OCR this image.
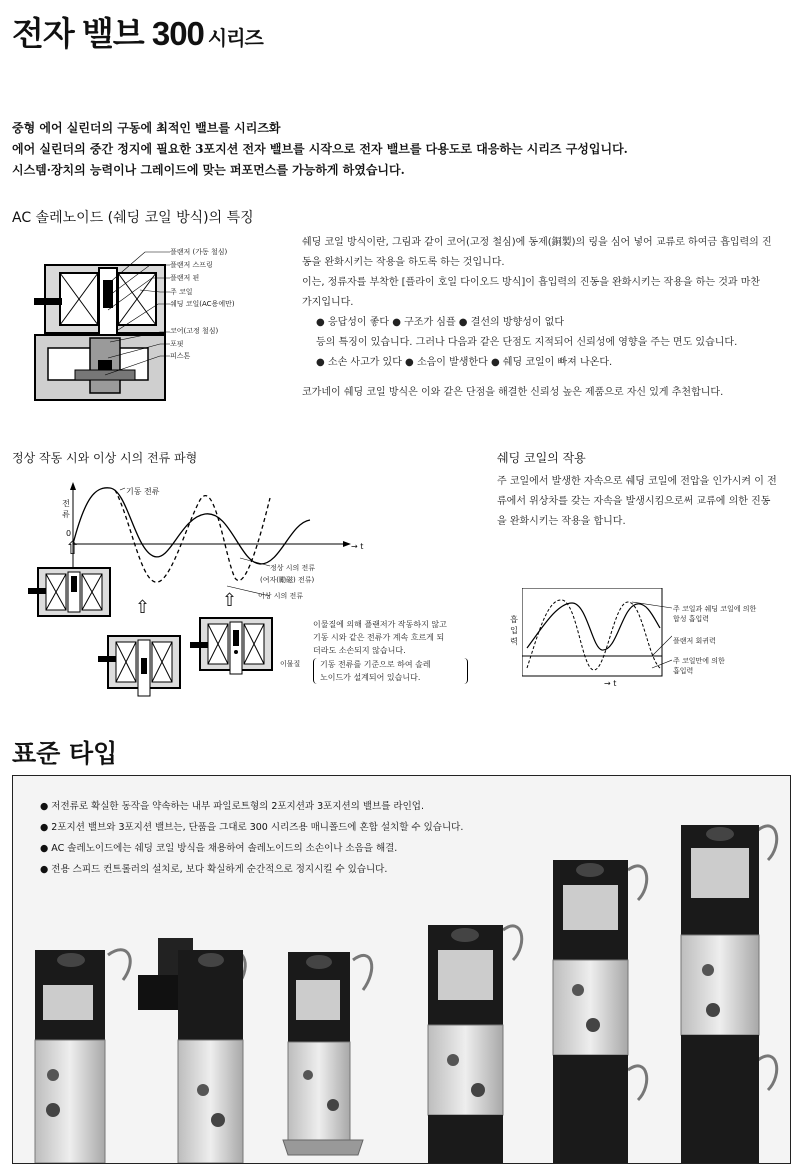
전자 밸브 300 시리즈
중형 에어 실린더의 구동에 최적인 밸브를 시리즈화
에어 실린더의 중간 정지에 필요한 3포지션 전자 밸브를 시작으로 전자 밸브를 다용도로 대응하는 시리즈 구성입니다.
시스템·장치의 능력이나 그레이드에 맞는 퍼포먼스를 가능하게 하였습니다.
AC 솔레노이드 (쉐딩 코일 방식)의 특징
플랜저 (가동 철심)
플랜저 스프링
플랜저 핀
주 코일
쉐딩 코일(AC용에만)
코어(고정 철심)
포핏
피스톤
쉐딩 코일 방식이란, 그림과 같이 코어(고정 철심)에 동제(銅製)의 링을 심어 넣어 교류로 하여금 흡입력의 진
동을 완화시키는 작용을 하도록 하는 것입니다.
이는, 정류자를 부착한 [플라이 호일 다이오드 방식]이 흡입력의 진동을 완화시키는 작용을 하는 것과 마찬
가지입니다.
● 응답성이 좋다 ● 구조가 심플 ● 결선의 방향성이 없다
등의 특징이 있습니다. 그러나 다음과 같은 단점도 지적되어 신뢰성에 영향을 주는 면도 있습니다.
● 소손 사고가 있다 ● 소음이 발생한다 ● 쉐딩 코일이 빠져 나온다.
코가네이 쉐딩 코일 방식은 이와 같은 단점을 해결한 신뢰성 높은 제품으로 자신 있게 추천합니다.
정상 작동 시와 이상 시의 전류 파형
전류
0
→ t
기동 전류
정상 시의 전류
(여자(勵磁) 전류)
이상 시의 전류
⇧	⇧
⇧
이물질
이물질에 의해 플랜저가 작동하지 않고
기동 시와 같은 전류가 계속 흐르게 되
더라도 소손되지 않습니다.
기동 전류를 기준으로 하여 솔레
노이드가 설계되어 있습니다.
쉐딩 코일의 작용
주 코일에서 발생한 자속으로 쉐딩 코일에 전압을 인가시켜 이 전
류에서 위상차를 갖는 자속을 발생시킴으로써 교류에 의한 진동
을 완화시키는 작용을 합니다.
흡입력
→ t
주 코일과 쉐딩 코일에 의한
합성 흡입력
플랜저 회귀력
주 코일만에 의한
흡입력
표준 타입
● 저전류로 확실한 동작을 약속하는 내부 파일로트형의 2포지션과 3포지션의 밸브를 라인업.
● 2포지션 밸브와 3포지션 밸브는, 단품을 그대로 300 시리즈용 매니폴드에 혼합 설치할 수 있습니다.
● AC 솔레노이드에는 쉐딩 코일 방식을 채용하여 솔레노이드의 소손이나 소음을 해결.
● 전용 스피드 컨트롤러의 설치로, 보다 확실하게 순간적으로 정지시킬 수 있습니다.
